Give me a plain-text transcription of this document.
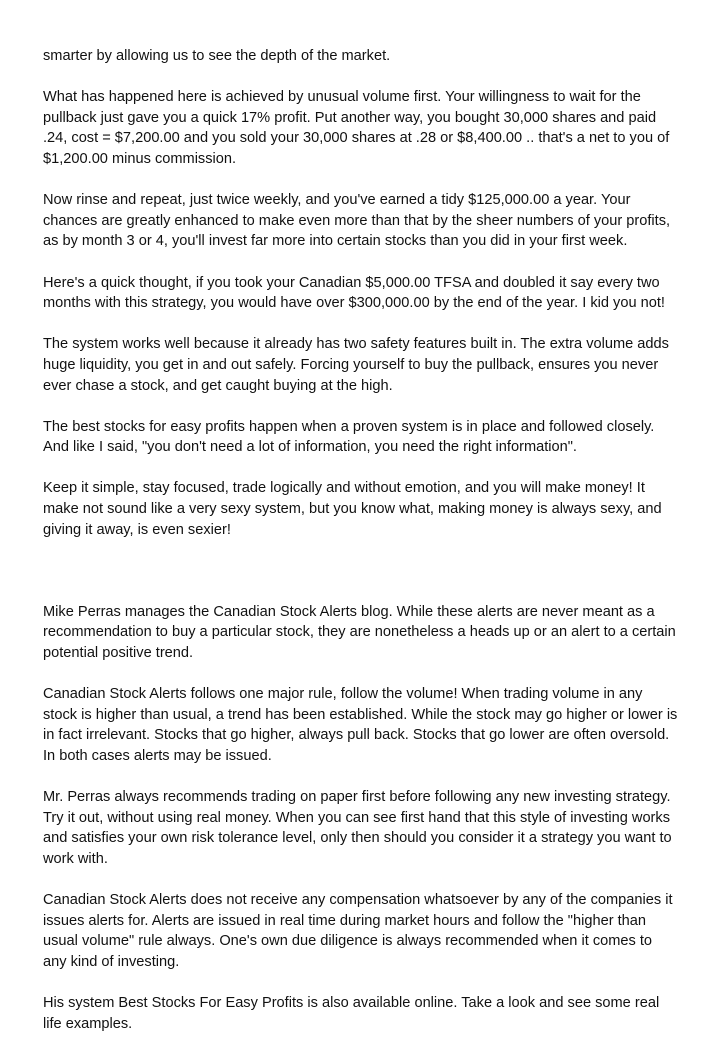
smarter by allowing us to see the depth of the market.

What has happened here is achieved by unusual volume first. Your willingness to wait for the
pullback just gave you a quick 17% profit. Put another way, you bought 30,000 shares and paid
.24, cost = $7,200.00 and you sold your 30,000 shares at .28 or $8,400.00 .. that's a net to you of
$1,200.00 minus commission.

Now rinse and repeat, just twice weekly, and you've earned a tidy $125,000.00 a year. Your
chances are greatly enhanced to make even more than that by the sheer numbers of your profits,
as by month 3 or 4, you'll invest far more into certain stocks than you did in your first week.

Here's a quick thought, if you took your Canadian $5,000.00 TFSA and doubled it say every two
months with this strategy, you would have over $300,000.00 by the end of the year. I kid you not!

The system works well because it already has two safety features built in. The extra volume adds
huge liquidity, you get in and out safely. Forcing yourself to buy the pullback, ensures you never
ever chase a stock, and get caught buying at the high.

The best stocks for easy profits happen when a proven system is in place and followed closely.
And like I said, "you don't need a lot of information, you need the right information".

Keep it simple, stay focused, trade logically and without emotion, and you will make money! It
make not sound like a very sexy system, but you know what, making money is always sexy, and
giving it away, is even sexier!

Mike Perras manages the Canadian Stock Alerts blog. While these alerts are never meant as a
recommendation to buy a particular stock, they are nonetheless a heads up or an alert to a certain
potential positive trend.

Canadian Stock Alerts follows one major rule, follow the volume! When trading volume in any
stock is higher than usual, a trend has been established. While the stock may go higher or lower is
in fact irrelevant. Stocks that go higher, always pull back. Stocks that go lower are often oversold.
In both cases alerts may be issued.

Mr. Perras always recommends trading on paper first before following any new investing strategy.
Try it out, without using real money. When you can see first hand that this style of investing works
and satisfies your own risk tolerance level, only then should you consider it a strategy you want to
work with.

Canadian Stock Alerts does not receive any compensation whatsoever by any of the companies it
issues alerts for. Alerts are issued in real time during market hours and follow the "higher than
usual volume" rule always. One's own due diligence is always recommended when it comes to
any kind of investing.

His system Best Stocks For Easy Profits is also available online. Take a look and see some real
life examples.
